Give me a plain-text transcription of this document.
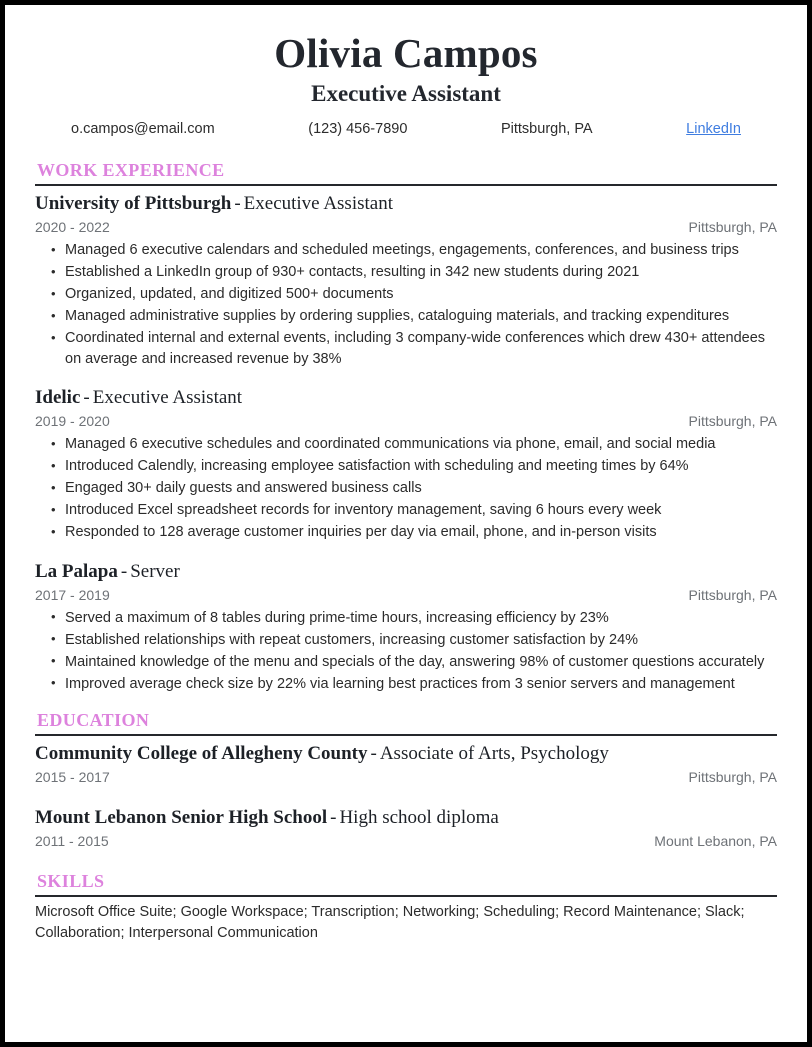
Olivia Campos
Executive Assistant
o.campos@email.com	(123) 456-7890	Pittsburgh, PA	LinkedIn
WORK EXPERIENCE
University of Pittsburgh - Executive Assistant
2020 - 2022	Pittsburgh, PA
• Managed 6 executive calendars and scheduled meetings, engagements, conferences, and business trips
• Established a LinkedIn group of 930+ contacts, resulting in 342 new students during 2021
• Organized, updated, and digitized 500+ documents
• Managed administrative supplies by ordering supplies, cataloguing materials, and tracking expenditures
• Coordinated internal and external events, including 3 company-wide conferences which drew 430+ attendees on average and increased revenue by 38%
Idelic - Executive Assistant
2019 - 2020	Pittsburgh, PA
• Managed 6 executive schedules and coordinated communications via phone, email, and social media
• Introduced Calendly, increasing employee satisfaction with scheduling and meeting times by 64%
• Engaged 30+ daily guests and answered business calls
• Introduced Excel spreadsheet records for inventory management, saving 6 hours every week
• Responded to 128 average customer inquiries per day via email, phone, and in-person visits
La Palapa - Server
2017 - 2019	Pittsburgh, PA
• Served a maximum of 8 tables during prime-time hours, increasing efficiency by 23%
• Established relationships with repeat customers, increasing customer satisfaction by 24%
• Maintained knowledge of the menu and specials of the day, answering 98% of customer questions accurately
• Improved average check size by 22% via learning best practices from 3 senior servers and management
EDUCATION
Community College of Allegheny County - Associate of Arts, Psychology
2015 - 2017	Pittsburgh, PA
Mount Lebanon Senior High School - High school diploma
2011 - 2015	Mount Lebanon, PA
SKILLS

Microsoft Office Suite; Google Workspace; Transcription; Networking; Scheduling; Record Maintenance; Slack; Collaboration; Interpersonal Communication
